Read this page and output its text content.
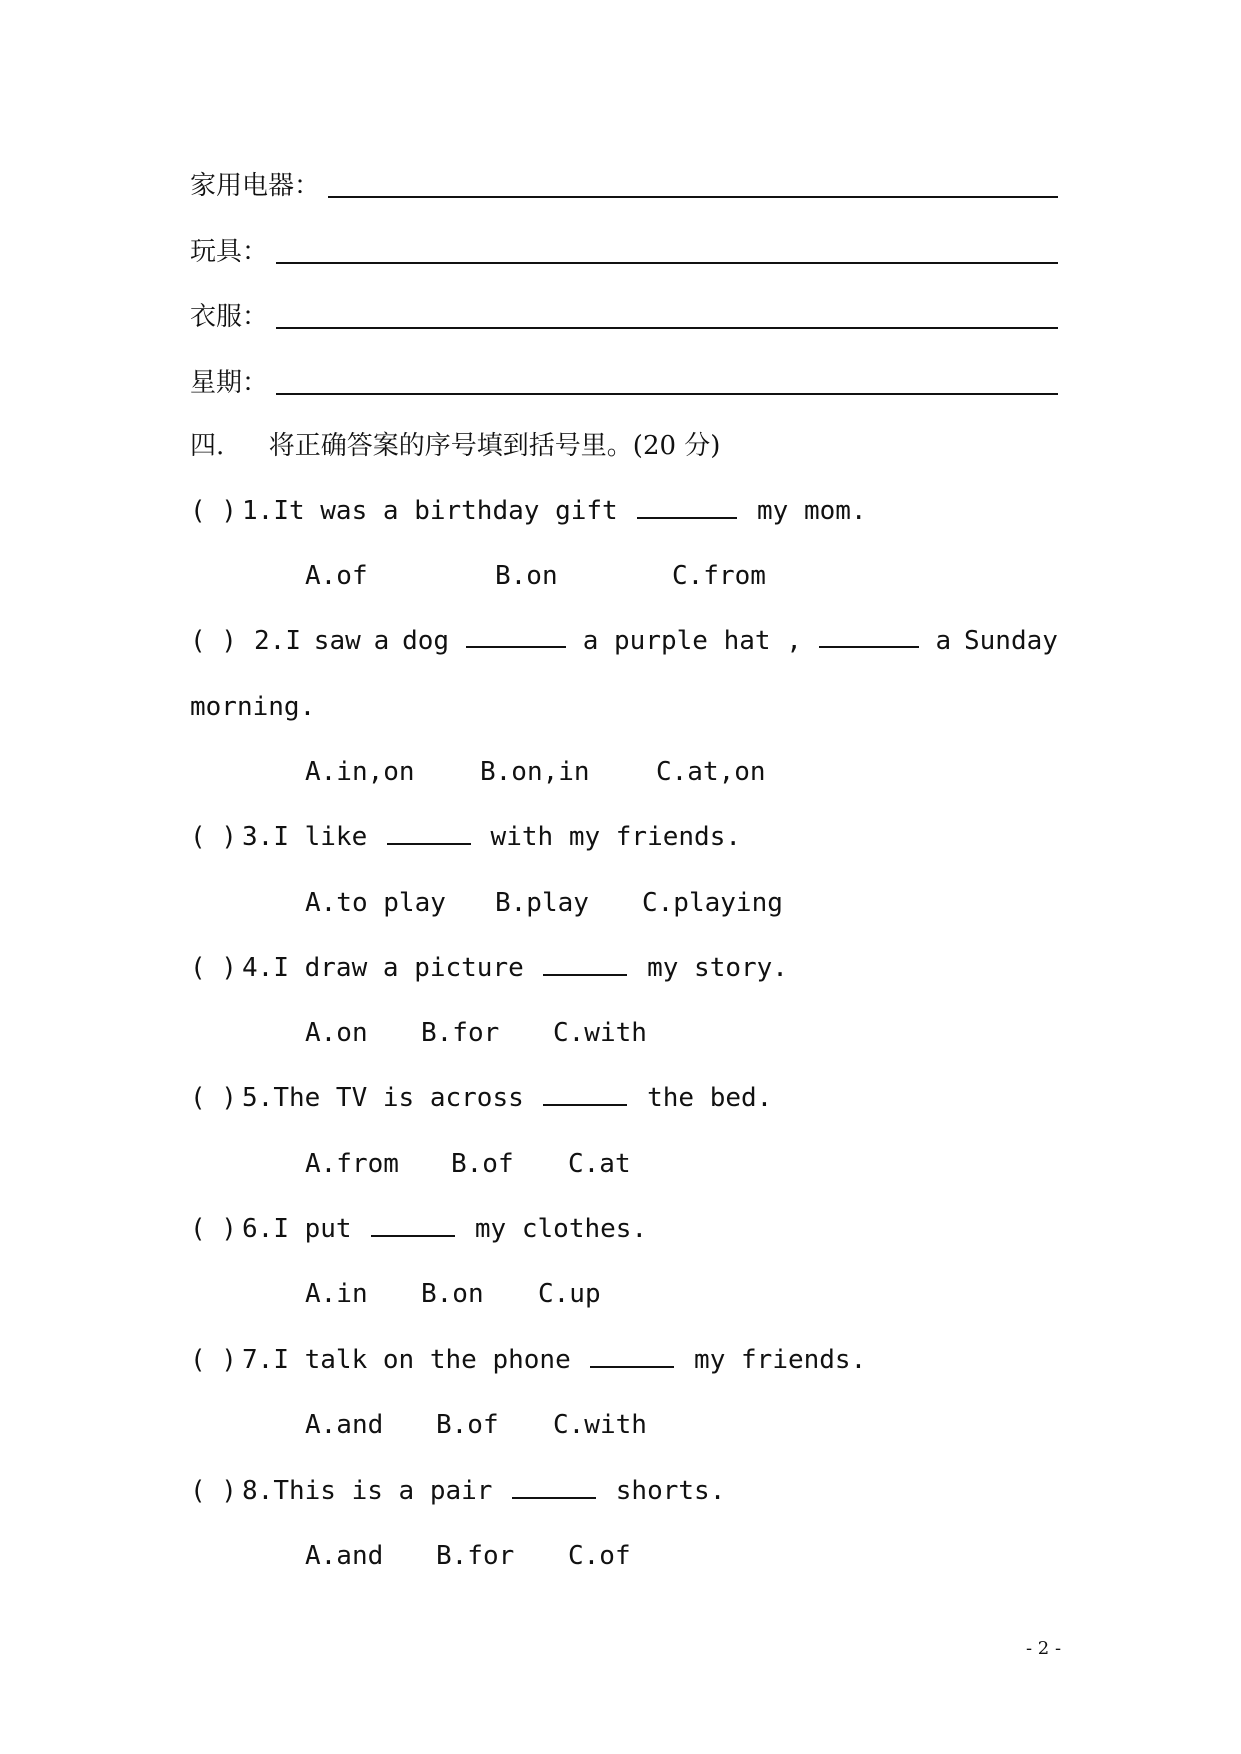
家用电器：
玩具：
衣服：
星期：
四. 将正确答案的序号填到括号里。(20 分)
( ) 1.It was a birthday gift	my mom.
A.of	B.on	C.from
( ) 2.I saw a dog	a purple hat ,	a Sunday
morning.
A.in,on	B.on,in	C.at,on
( ) 3.I like	with my friends.
A.to play B.play C.playing
( ) 4.I draw a picture	my story.
A.on B.for C.with
( ) 5.The TV is across	the bed.
A.from B.of C.at
( ) 6.I put	my clothes.
A.in B.on C.up
( ) 7.I talk on the phone	my friends.
A.and B.of C.with
( ) 8.This is a pair	shorts.
A.and B.for C.of
- 2 -
